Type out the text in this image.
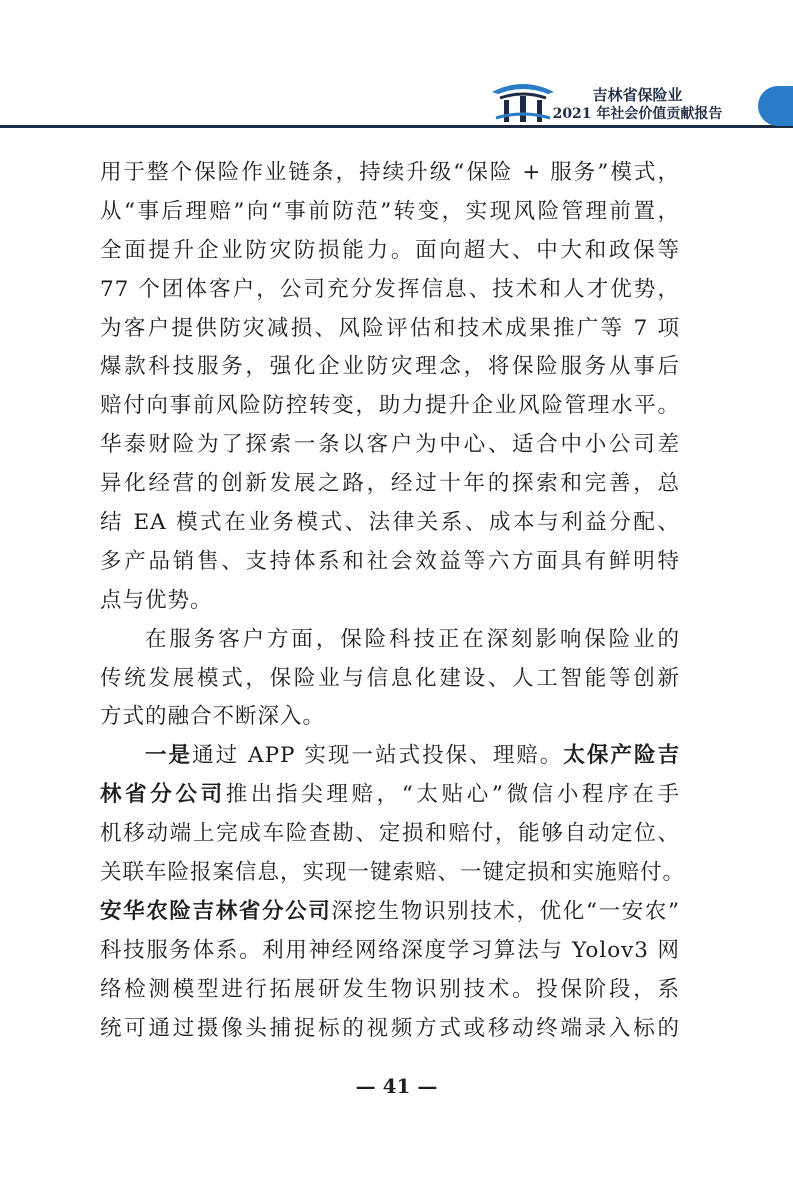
吉林省保险业
2021 年社会价值贡献报告
用于整个保险作业链条，持续升级“保险 + 服务”模式，
从“事后理赔”向“事前防范”转变，实现风险管理前置，
全面提升企业防灾防损能力。面向超大、中大和政保等
77 个团体客户，公司充分发挥信息、技术和人才优势，
为客户提供防灾减损、风险评估和技术成果推广等 7 项
爆款科技服务，强化企业防灾理念，将保险服务从事后
赔付向事前风险防控转变，助力提升企业风险管理水平。
华泰财险为了探索一条以客户为中心、适合中小公司差
异化经营的创新发展之路，经过十年的探索和完善，总
结 EA 模式在业务模式、法律关系、成本与利益分配、
多产品销售、支持体系和社会效益等六方面具有鲜明特
点与优势。
在服务客户方面，保险科技正在深刻影响保险业的
传统发展模式，保险业与信息化建设、人工智能等创新
方式的融合不断深入。
一是通过 APP 实现一站式投保、理赔。太保产险吉
林省分公司推出指尖理赔，“太贴心”微信小程序在手
机移动端上完成车险查勘、定损和赔付，能够自动定位、
关联车险报案信息，实现一键索赔、一键定损和实施赔付。
安华农险吉林省分公司深挖生物识别技术，优化“一安农”
科技服务体系。利用神经网络深度学习算法与 Yolov3 网
络检测模型进行拓展研发生物识别技术。投保阶段，系
统可通过摄像头捕捉标的视频方式或移动终端录入标的
— 41 —
